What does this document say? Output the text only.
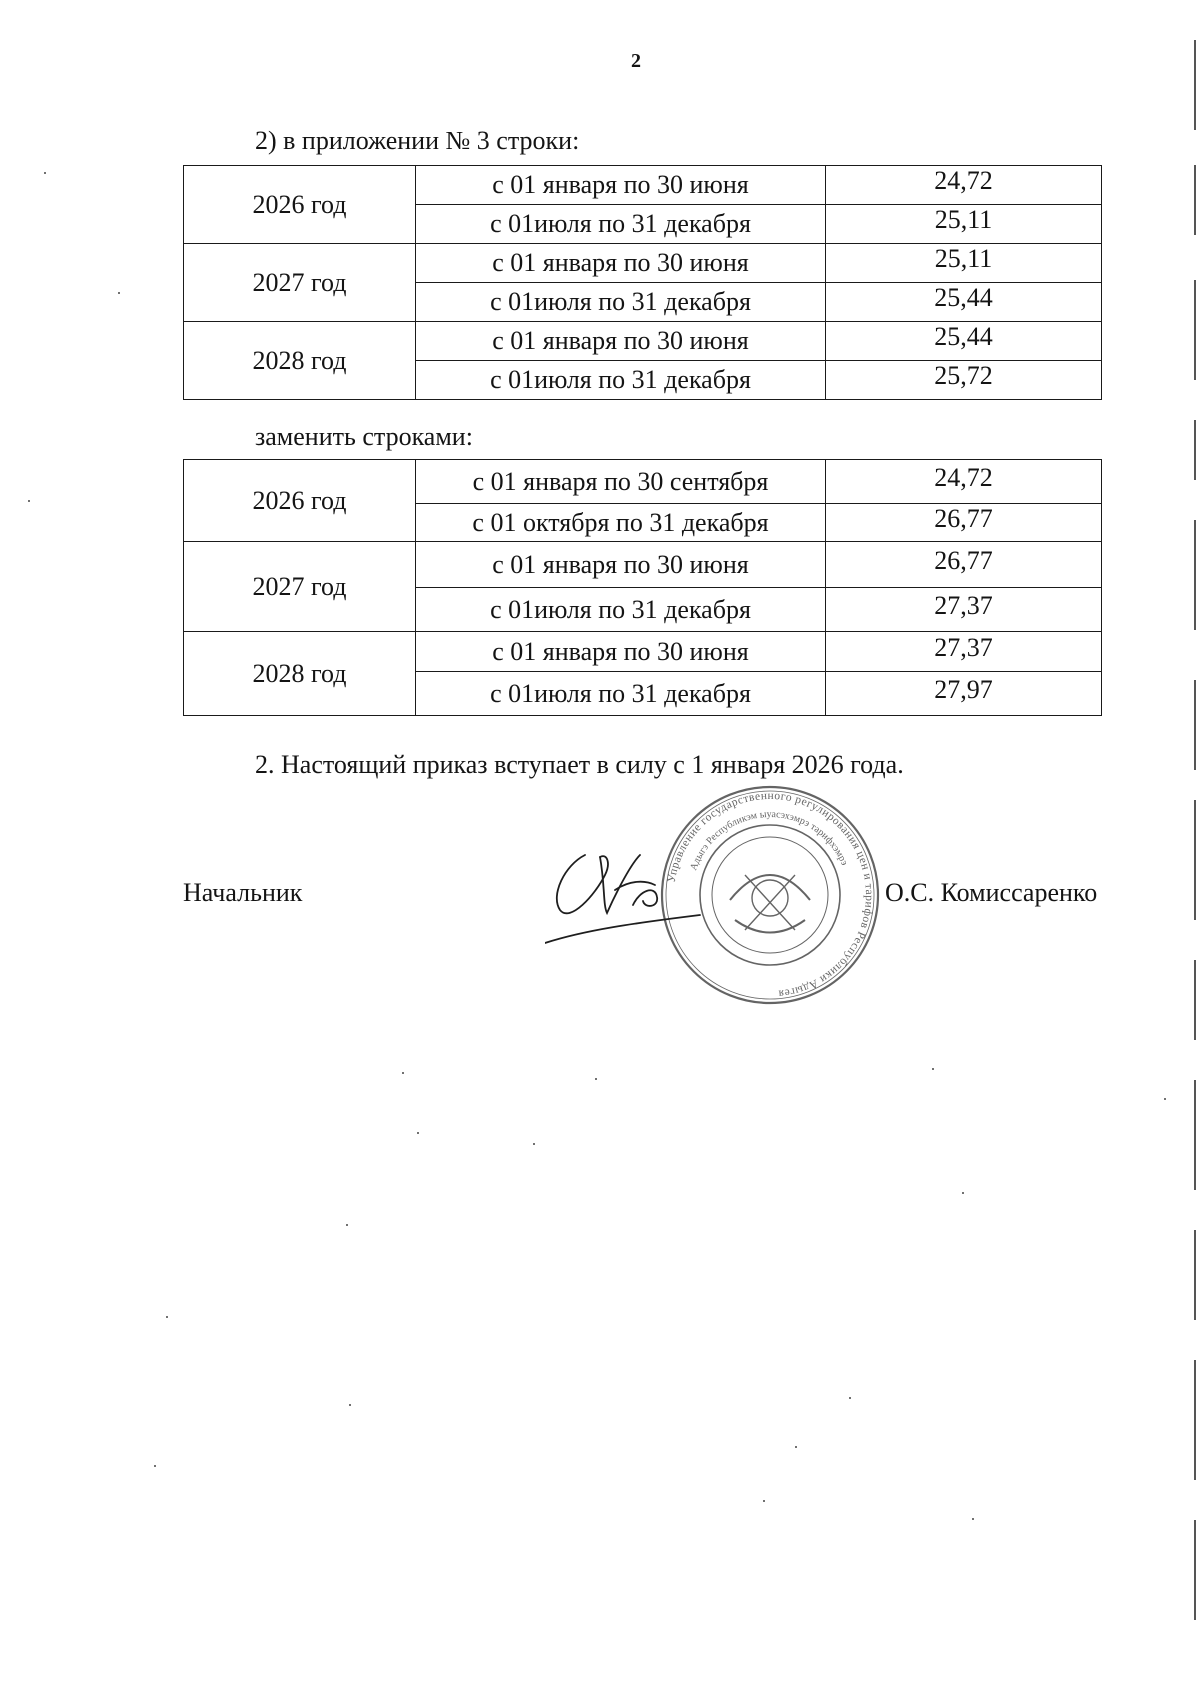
2
2) в приложении № 3 строки:
2026 год	с 01 января по 30 июня	24,72
	с 01июля по 31 декабря	25,11
2027 год	с 01 января по 30 июня	25,11
	с 01июля по 31 декабря	25,44
2028 год	с 01 января по 30 июня	25,44
	с 01июля по 31 декабря	25,72
заменить строками:
2026 год	с 01 января по 30 сентября	24,72
	с 01 октября по 31 декабря	26,77
2027 год	с 01 января по 30 июня	26,77
	с 01июля по 31 декабря	27,37
2028 год	с 01 января по 30 июня	27,37
	с 01июля по 31 декабря	27,97
2. Настоящий приказ вступает в силу с 1 января 2026 года.
Начальник	Управление государственного регулирования цен и тарифов Республики Адыгея
Адыгэ Республикэм ыуасэхэмрэ тарифхэмрэ
О.С. Комиссаренко
